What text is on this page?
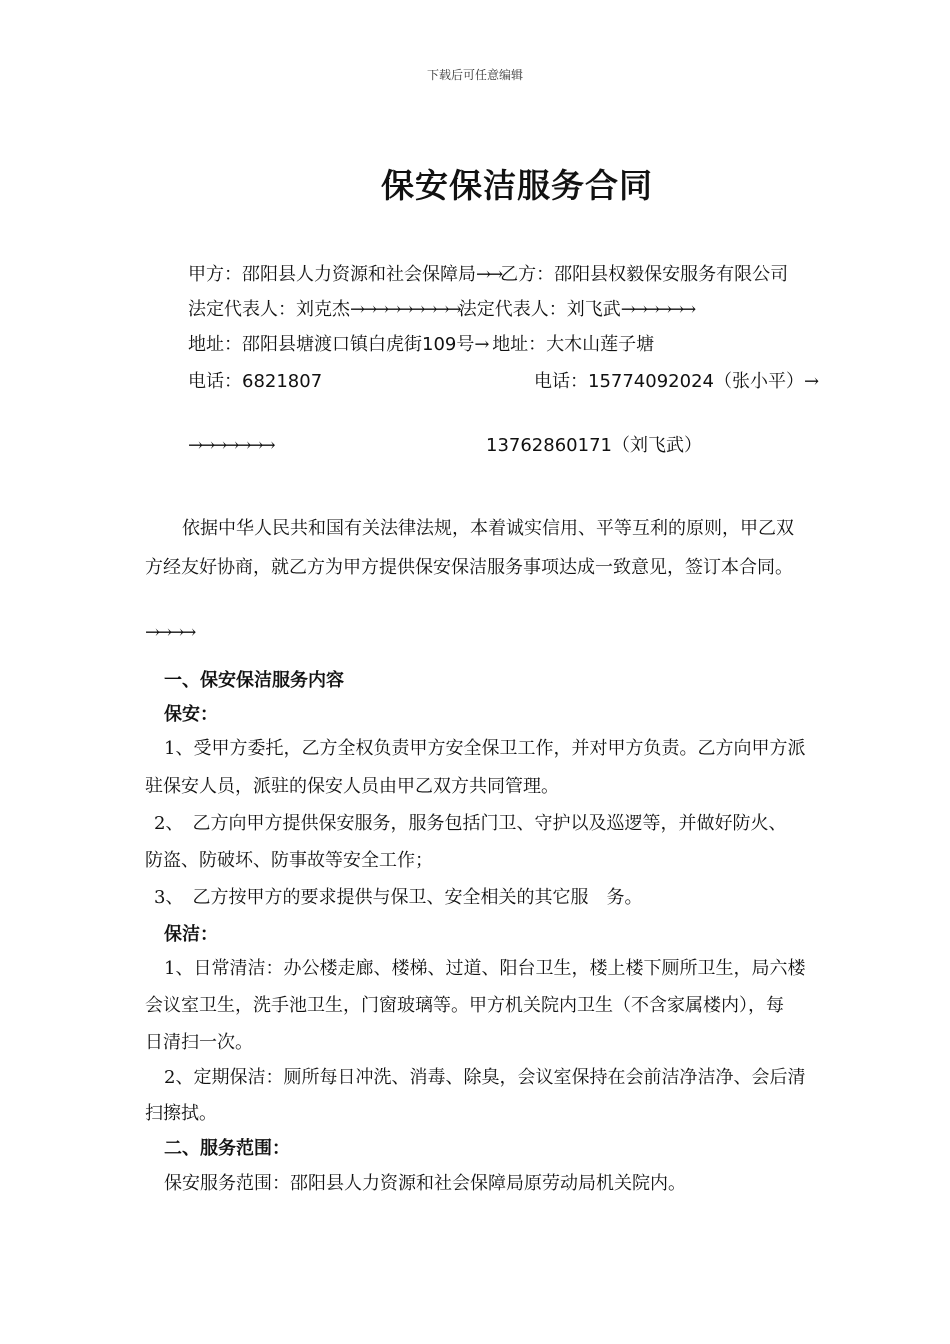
下载后可任意编辑
保安保洁服务合同
甲方：邵阳县人力资源和社会保障局→→乙方：邵阳县权毅保安服务有限公司
法定代表人：刘克杰→→→→→→→→→法定代表人：刘飞武→→→→→→
地址：邵阳县塘渡口镇白虎街109号→ 地址：大木山莲子塘
电话：6821807	电话：15774092024（张小平）→
→→→→→→→	13762860171（刘飞武）
依据中华人民共和国有关法律法规，本着诚实信用、平等互利的原则，甲乙双
方经友好协商，就乙方为甲方提供保安保洁服务事项达成一致意见，签订本合同。
→→→→
一、保安保洁服务内容
保安：
1、受甲方委托，乙方全权负责甲方安全保卫工作，并对甲方负责。乙方向甲方派
驻保安人员，派驻的保安人员由甲乙双方共同管理。
2、　乙方向甲方提供保安服务，服务包括门卫、守护以及巡逻等，并做好防火、
防盗、防破坏、防事故等安全工作；
3、　乙方按甲方的要求提供与保卫、安全相关的其它服　务。
保洁：
1、日常清洁：办公楼走廊、楼梯、过道、阳台卫生，楼上楼下厕所卫生，局六楼
会议室卫生，洗手池卫生，门窗玻璃等。甲方机关院内卫生（不含家属楼内），每
日清扫一次。
2、定期保洁：厕所每日冲洗、消毒、除臭，会议室保持在会前洁净洁净、会后清
扫擦拭。
二、服务范围：
保安服务范围：邵阳县人力资源和社会保障局原劳动局机关院内。
